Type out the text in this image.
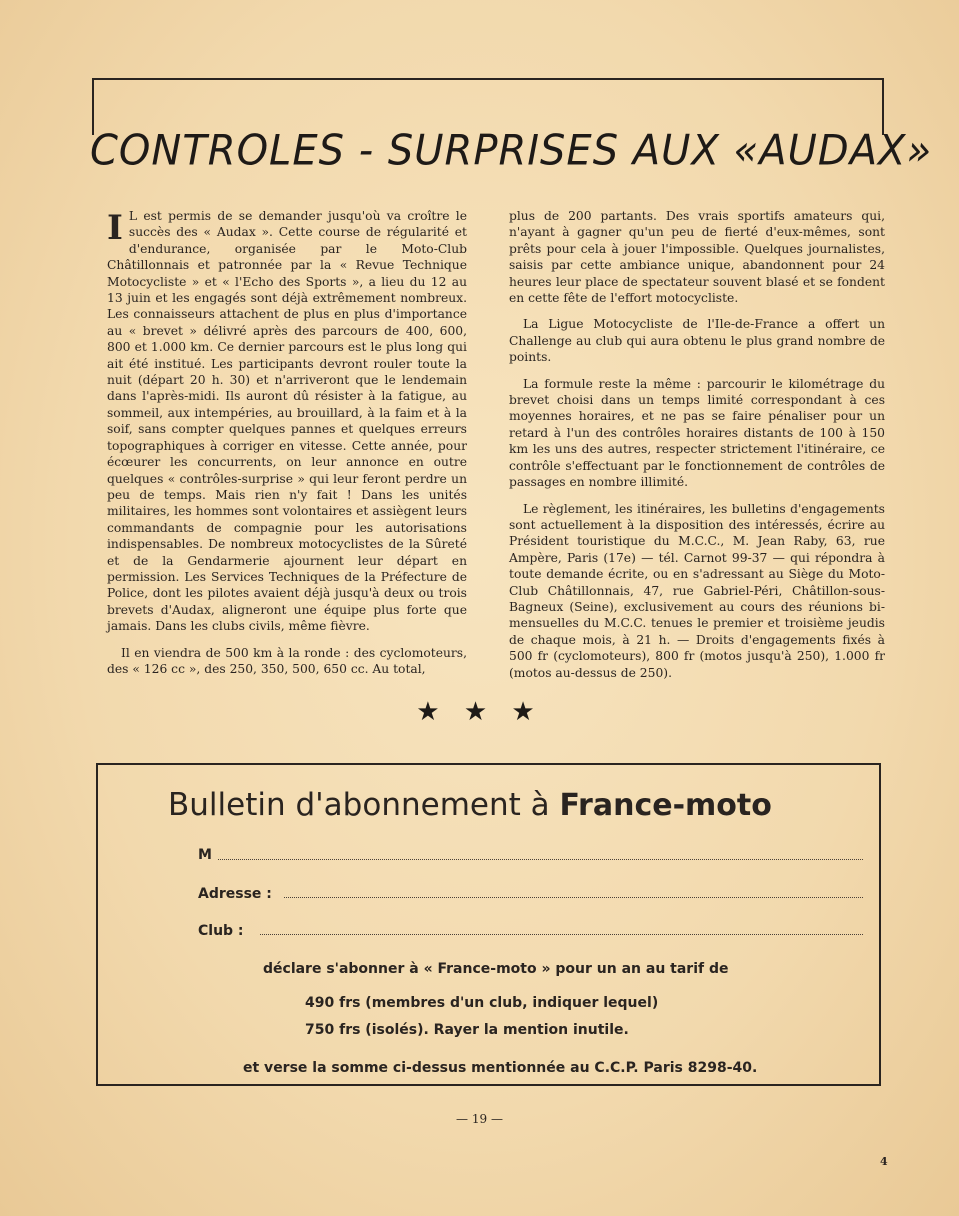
CONTROLES - SURPRISES AUX «AUDAX»

I L est permis de se demander jusqu'où va croître le succès des « Audax ». Cette course de régularité et d'endurance, organisée par le Moto-Club Châtillonnais et patronnée par la « Revue Technique Motocycliste » et « l'Echo des Sports », a lieu du 12 au 13 juin et les engagés sont déjà extrêmement nombreux. Les connaisseurs attachent de plus en plus d'importance au « brevet » délivré après des parcours de 400, 600, 800 et 1.000 km. Ce dernier parcours est le plus long qui ait été institué. Les participants devront rouler toute la nuit (départ 20 h. 30) et n'arriveront que le lendemain dans l'après-midi. Ils auront dû résister à la fatigue, au sommeil, aux intempéries, au brouillard, à la faim et à la soif, sans compter quelques pannes et quelques erreurs topographiques à corriger en vitesse. Cette année, pour écœurer les concurrents, on leur annonce en outre quelques « contrôles-surprise » qui leur feront perdre un peu de temps. Mais rien n'y fait ! Dans les unités militaires, les hommes sont volontaires et assiègent leurs commandants de compagnie pour les autorisations indispensables. De nombreux motocyclistes de la Sûreté et de la Gendarmerie ajournent leur départ en permission. Les Services Techniques de la Préfecture de Police, dont les pilotes avaient déjà jusqu'à deux ou trois brevets d'Audax, aligneront une équipe plus forte que jamais. Dans les clubs civils, même fièvre.

Il en viendra de 500 km à la ronde : des cyclomoteurs, des « 126 cc », des 250, 350, 500, 650 cc. Au total,

plus de 200 partants. Des vrais sportifs amateurs qui, n'ayant à gagner qu'un peu de fierté d'eux-mêmes, sont prêts pour cela à jouer l'impossible. Quelques journalistes, saisis par cette ambiance unique, abandonnent pour 24 heures leur place de spectateur souvent blasé et se fondent en cette fête de l'effort motocycliste.

La Ligue Motocycliste de l'Ile-de-France a offert un Challenge au club qui aura obtenu le plus grand nombre de points.

La formule reste la même : parcourir le kilométrage du brevet choisi dans un temps limité correspondant à ces moyennes horaires, et ne pas se faire pénaliser pour un retard à l'un des contrôles horaires distants de 100 à 150 km les uns des autres, respecter strictement l'itinéraire, ce contrôle s'effectuant par le fonctionnement de contrôles de passages en nombre illimité.

Le règlement, les itinéraires, les bulletins d'engagements sont actuellement à la disposition des intéressés, écrire au Président touristique du M.C.C., M. Jean Raby, 63, rue Ampère, Paris (17e) — tél. Carnot 99-37 — qui répondra à toute demande écrite, ou en s'adressant au Siège du Moto-Club Châtillonnais, 47, rue Gabriel-Péri, Châtillon-sous-Bagneux (Seine), exclusivement au cours des réunions bi-mensuelles du M.C.C. tenues le premier et troisième jeudis de chaque mois, à 21 h. — Droits d'engagements fixés à 500 fr (cyclomoteurs), 800 fr (motos jusqu'à 250), 1.000 fr (motos au-dessus de 250).

★ ★ ★
Bulletin d'abonnement à France-moto
M
Adresse :
Club :
déclare s'abonner à « France-moto » pour un an au tarif de
490 frs (membres d'un club, indiquer lequel)
750 frs (isolés). Rayer la mention inutile.
et verse la somme ci-dessus mentionnée au C.C.P. Paris 8298-40.
— 19 —
4
